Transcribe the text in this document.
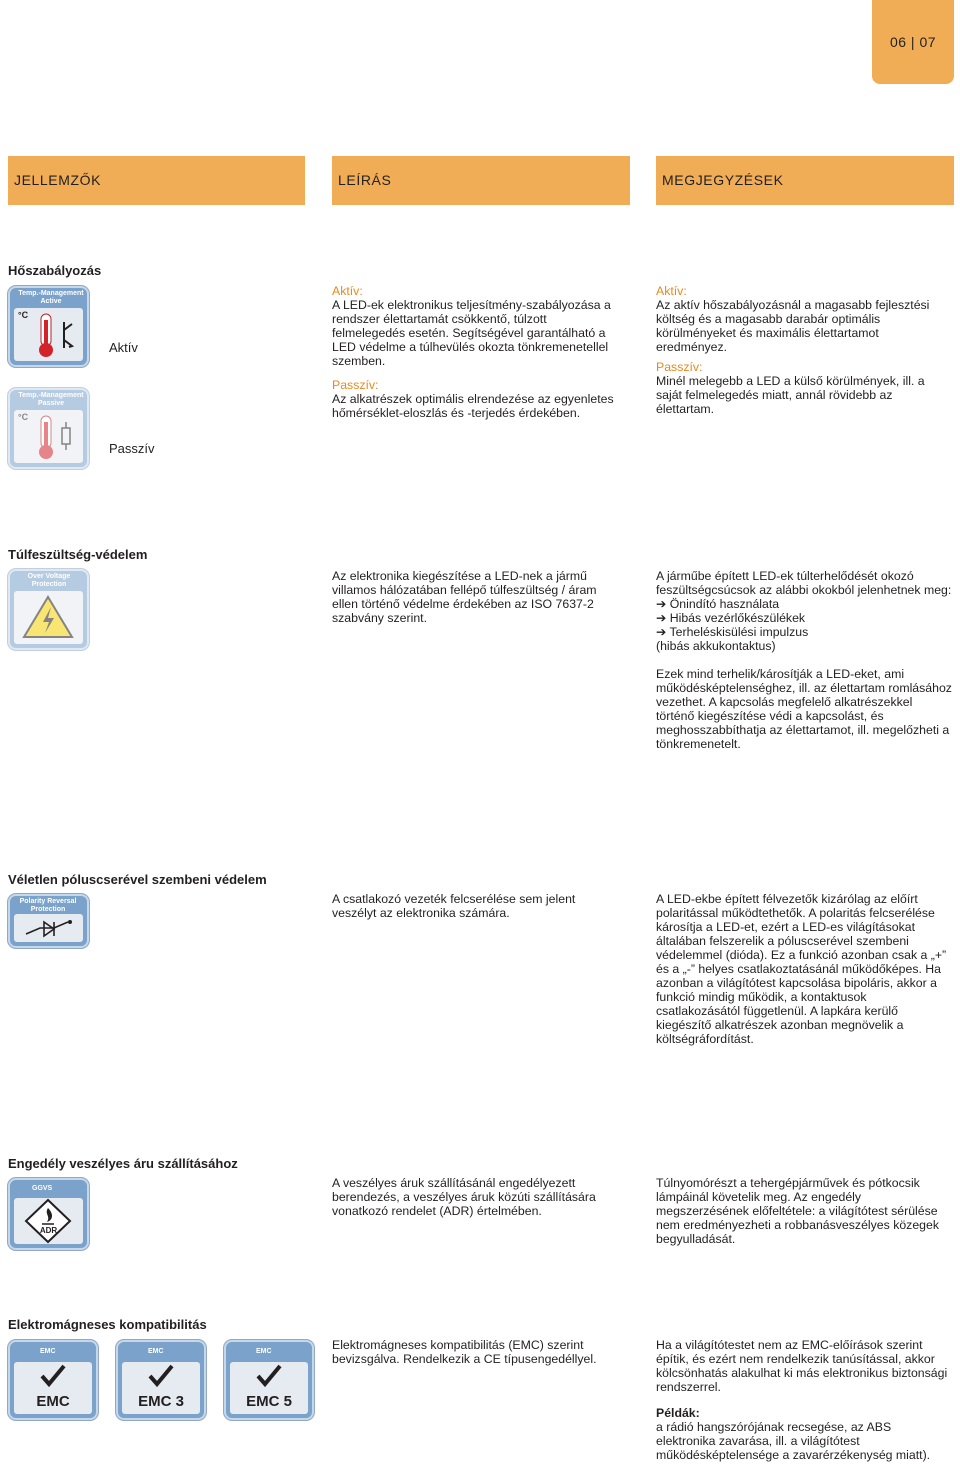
06 | 07
JELLEMZŐK	LEÍRÁS	MEGJEGYZÉSEK
Hőszabályozás
Temp.-Management Active
°C
Aktív
Temp.-Management Passive
°C
Passzív

Aktív:
A LED-ek elektronikus teljesítmény-szabályozása a rendszer élettartamát csökkentő, túlzott felmelegedés esetén. Segítségével garantálható a LED védelme a túlhevülés okozta tönkremenetellel szemben.

Passzív:
Az alkatrészek optimális elrendezése az egyenletes hőmérséklet-eloszlás és -terjedés érdekében.

Aktív:
Az aktív hőszabályozásnál a magasabb fejlesztési költség és a magasabb darabár optimális körülményeket és maximális élettartamot eredményez.

Passzív:
Minél melegebb a LED a külső körülmények, ill. a saját felmelegedés miatt, annál rövidebb az élettartam.

Túlfeszültség-védelem
Over Voltage Protection
Az elektronika kiegészítése a LED-nek a jármű villamos hálózatában fellépő túlfeszültség / áram ellen történő védelme érdekében az ISO 7637-2 szabvány szerint.
A járműbe épített LED-ek túlterhelődését okozó feszültségcsúcsok az alábbi okokból jelenhetnek meg:
➔ Önindító használata
➔ Hibás vezérlőkészülékek
➔ Terheléskisülési impulzus
(hibás akkukontaktus)

Ezek mind terhelik/károsítják a LED-eket, ami működésképtelenséghez, ill. az élettartam romlásához vezethet. A kapcsolás megfelelő alkatrészekkel történő kiegészítése védi a kapcsolást, és meghosszabbíthatja az élettartamot, ill. megelőzheti a tönkremenetelt.

Véletlen póluscserével szembeni védelem
Polarity Reversal Protection
A csatlakozó vezeték felcserélése sem jelent veszélyt az elektronika számára.
A LED-ekbe épített félvezetők kizárólag az előírt polaritással működtethetők. A polaritás felcserélése károsítja a LED-et, ezért a LED-es világításokat általában felszerelik a póluscserével szembeni védelemmel (dióda). Ez a funkció azonban csak a „+” és a „-” helyes csatlakoztatásánál működőképes. Ha azonban a világítótest kapcsolása bipoláris, akkor a funkció mindig működik, a kontaktusok csatlakozásától függetlenül. A lapkára kerülő kiegészítő alkatrészek azonban megnövelik a költségráfordítást.
Engedély veszélyes áru szállításához
GGVS
ADR
A veszélyes áruk szállításánál engedélyezett berendezés, a veszélyes áruk közúti szállítására vonatkozó rendelet (ADR) értelmében.
Túlnyomórészt a tehergépjárművek és pótkocsik lámpáinál követelik meg. Az engedély megszerzésének előfeltétele: a világítótest sérülése nem eredményezheti a robbanásveszélyes közegek begyulladását.
Elektromágneses kompatibilitás
EMC
EMC
EMC
EMC 3
EMC
EMC 5
Elektromágneses kompatibilitás (EMC) szerint bevizsgálva. Rendelkezik a CE típusengedéllyel.

Ha a világítótestet nem az EMC-előírások szerint építik, és ezért nem rendelkezik tanúsítással, akkor kölcsönhatás alakulhat ki más elektronikus biztonsági rendszerrel.

Példák:
a rádió hangszórójának recsegése, az ABS elektronika zavarása, ill. a világítótest működésképtelensége a zavarérzékenység miatt).
